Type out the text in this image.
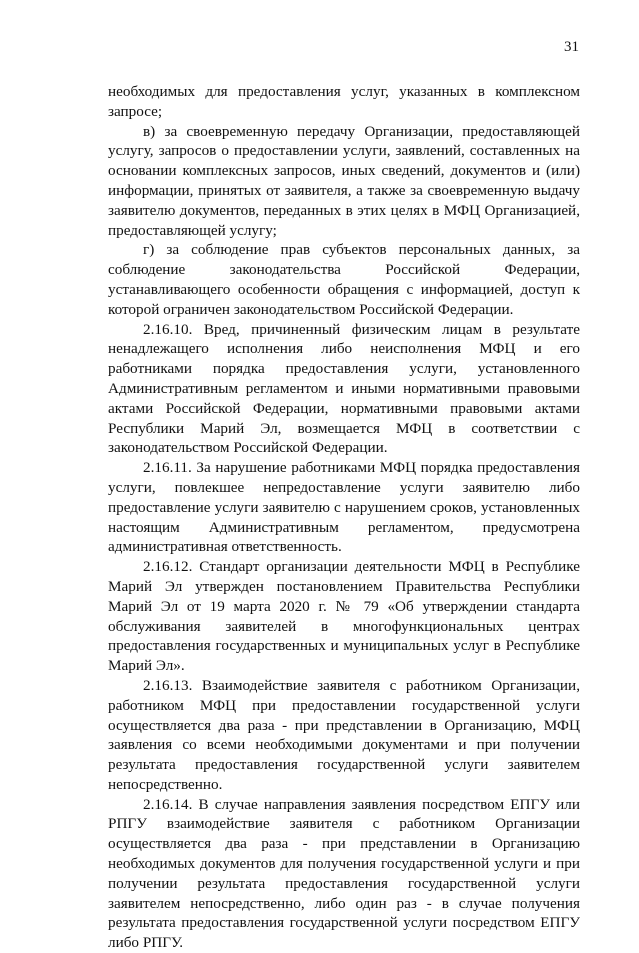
31

необходимых для предоставления услуг, указанных в комплексном запросе;

в) за своевременную передачу Организации, предоставляющей услугу, запросов о предоставлении услуги, заявлений, составленных на основании комплексных запросов, иных сведений, документов и (или) информации, принятых от заявителя, а также за своевременную выдачу заявителю документов, переданных в этих целях в МФЦ Организацией, предоставляющей услугу;

г) за соблюдение прав субъектов персональных данных, за соблюдение законодательства Российской Федерации, устанавливающего особенности обращения с информацией, доступ к которой ограничен законодательством Российской Федерации.

2.16.10. Вред, причиненный физическим лицам в результате ненадлежащего исполнения либо неисполнения МФЦ и его работниками порядка предоставления услуги, установленного Административным регламентом и иными нормативными правовыми актами Российской Федерации, нормативными правовыми актами Республики Марий Эл, возмещается МФЦ в соответствии с законодательством Российской Федерации.

2.16.11. За нарушение работниками МФЦ порядка предоставления услуги, повлекшее непредоставление услуги заявителю либо предоставление услуги заявителю с нарушением сроков, установленных настоящим Административным регламентом, предусмотрена административная ответственность.

2.16.12. Стандарт организации деятельности МФЦ в Республике Марий Эл утвержден постановлением Правительства Республики Марий Эл от 19 марта 2020 г. № 79 «Об утверждении стандарта обслуживания заявителей в многофункциональных центрах предоставления государственных и муниципальных услуг в Республике Марий Эл».

2.16.13. Взаимодействие заявителя с работником Организации, работником МФЦ при предоставлении государственной услуги осуществляется два раза - при представлении в Организацию, МФЦ заявления со всеми необходимыми документами и при получении результата предоставления государственной услуги заявителем непосредственно.

2.16.14. В случае направления заявления посредством ЕПГУ или РПГУ взаимодействие заявителя с работником Организации осуществляется два раза - при представлении в Организацию необходимых документов для получения государственной услуги и при получении результата предоставления государственной услуги заявителем непосредственно, либо один раз - в случае получения результата предоставления государственной услуги посредством ЕПГУ либо РПГУ.
